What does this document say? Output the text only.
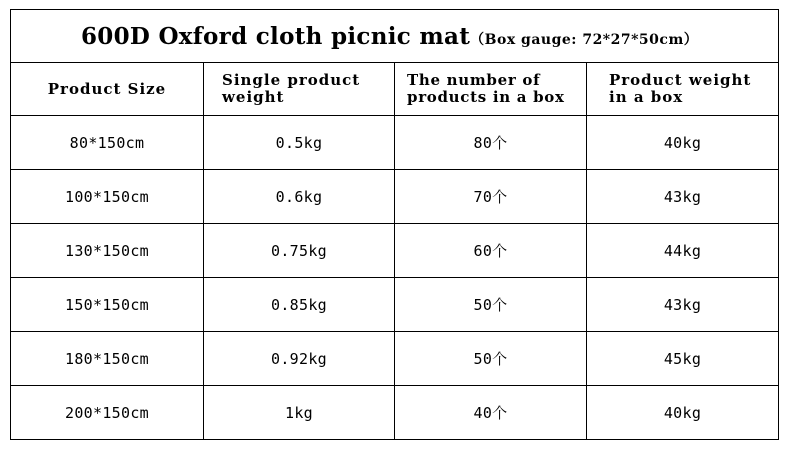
600D Oxford cloth picnic mat（Box gauge: 72*27*50cm）			
Product Size	Single product weight	The number of products in a box	Product weight in a box
80*150cm	0.5kg	80个	40kg
100*150cm	0.6kg	70个	43kg
130*150cm	0.75kg	60个	44kg
150*150cm	0.85kg	50个	43kg
180*150cm	0.92kg	50个	45kg
200*150cm	1kg	40个	40kg
